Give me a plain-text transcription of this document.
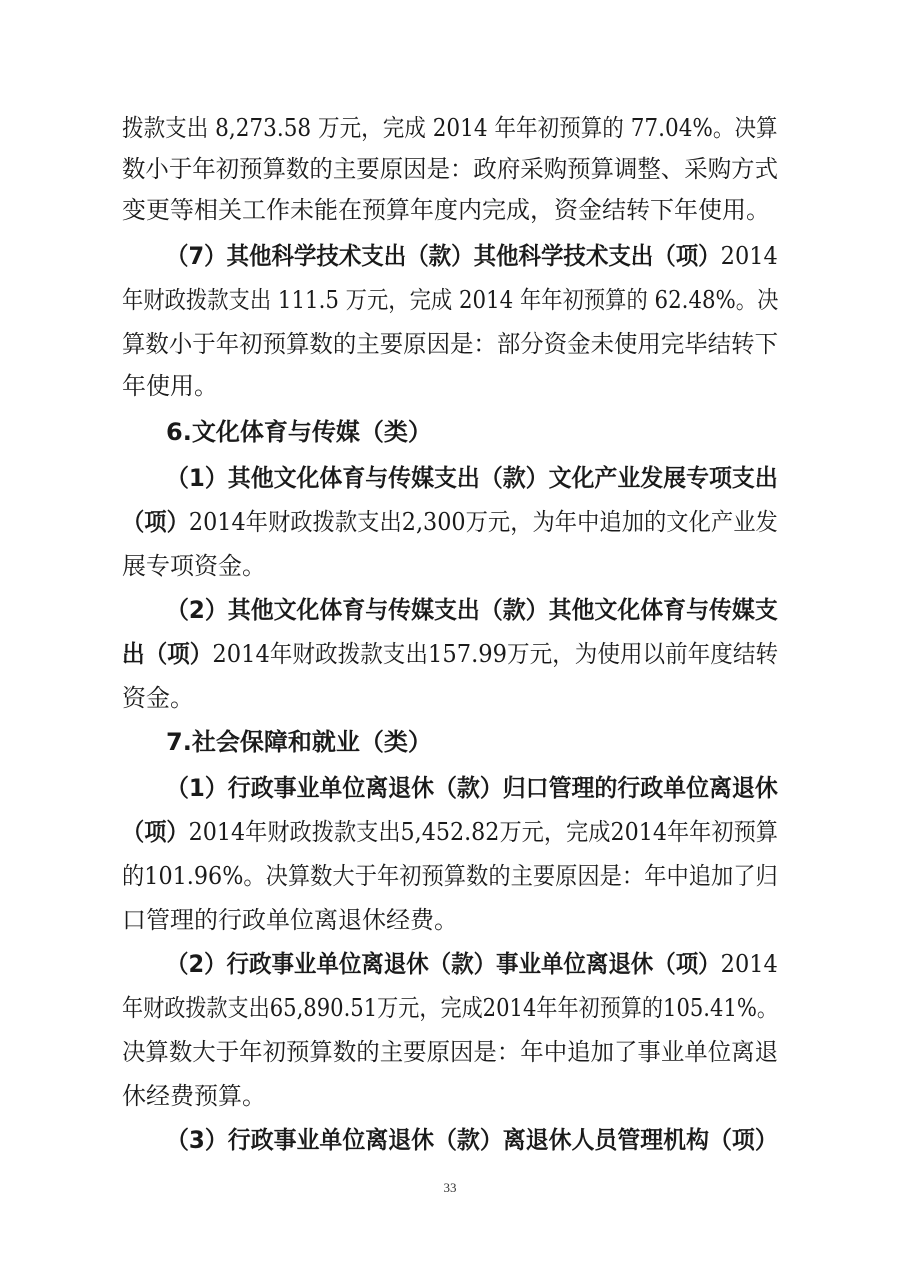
拨款支出 8,273.58 万元，完成 2014 年年初预算的 77.04%。决算
数小于年初预算数的主要原因是：政府采购预算调整、采购方式
变更等相关工作未能在预算年度内完成，资金结转下年使用。
（7）其他科学技术支出（款）其他科学技术支出（项）2014
年财政拨款支出 111.5 万元，完成 2014 年年初预算的 62.48%。决
算数小于年初预算数的主要原因是：部分资金未使用完毕结转下
年使用。
6.文化体育与传媒（类）
（1）其他文化体育与传媒支出（款）文化产业发展专项支出
（项）2014年财政拨款支出2,300万元，为年中追加的文化产业发
展专项资金。
（2）其他文化体育与传媒支出（款）其他文化体育与传媒支
出（项）2014年财政拨款支出157.99万元，为使用以前年度结转
资金。
7.社会保障和就业（类）
（1）行政事业单位离退休（款）归口管理的行政单位离退休
（项）2014年财政拨款支出5,452.82万元，完成2014年年初预算
的101.96%。决算数大于年初预算数的主要原因是：年中追加了归
口管理的行政单位离退休经费。
（2）行政事业单位离退休（款）事业单位离退休（项）2014
年财政拨款支出65,890.51万元，完成2014年年初预算的105.41%。
决算数大于年初预算数的主要原因是：年中追加了事业单位离退
休经费预算。
（3）行政事业单位离退休（款）离退休人员管理机构（项）
33
